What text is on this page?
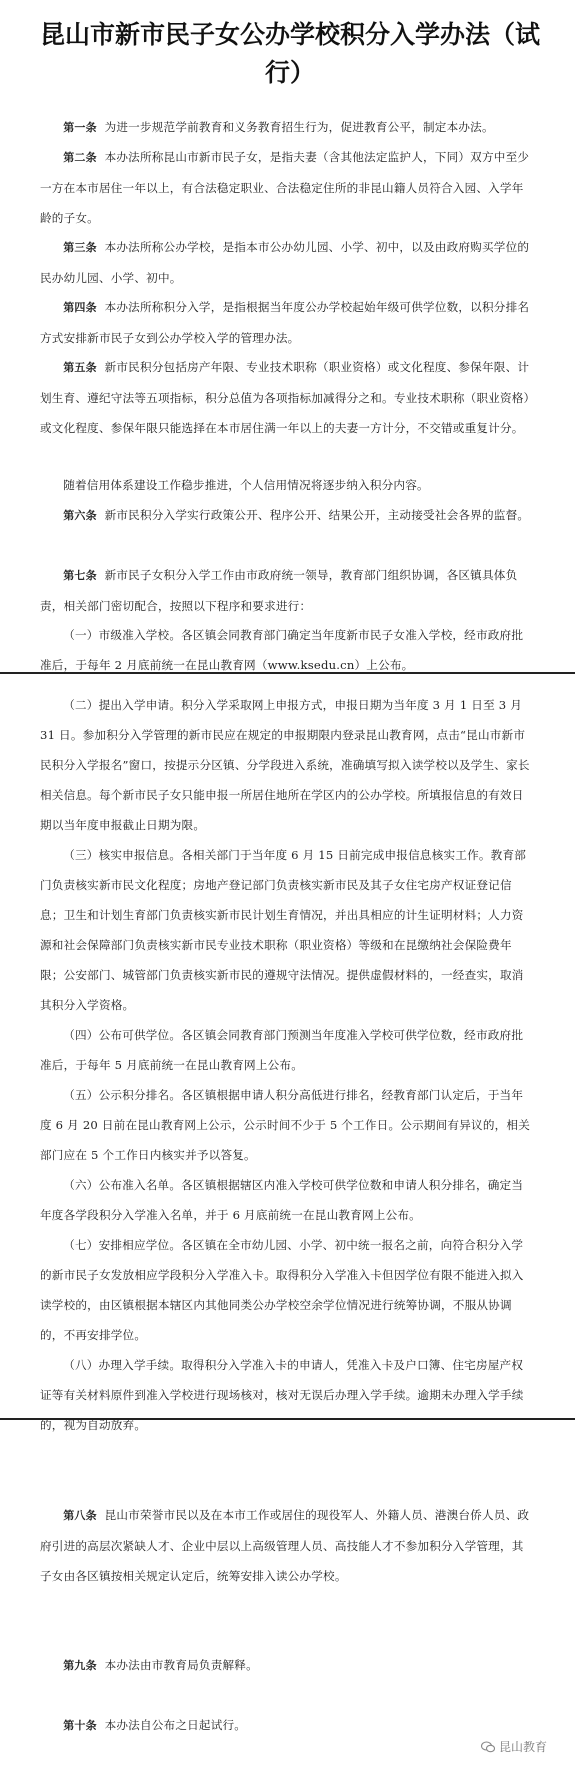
昆山市新市民子女公办学校积分入学办法（试行）

第一条 为进一步规范学前教育和义务教育招生行为，促进教育公平，制定本办法。

第二条 本办法所称昆山市新市民子女，是指夫妻（含其他法定监护人，下同）双方中至少一方在本市居住一年以上，有合法稳定职业、合法稳定住所的非昆山籍人员符合入园、入学年龄的子女。

第三条 本办法所称公办学校，是指本市公办幼儿园、小学、初中，以及由政府购买学位的民办幼儿园、小学、初中。

第四条 本办法所称积分入学，是指根据当年度公办学校起始年级可供学位数，以积分排名方式安排新市民子女到公办学校入学的管理办法。

第五条 新市民积分包括房产年限、专业技术职称（职业资格）或文化程度、参保年限、计划生育、遵纪守法等五项指标，积分总值为各项指标加减得分之和。专业技术职称（职业资格）或文化程度、参保年限只能选择在本市居住满一年以上的夫妻一方计分，不交错或重复计分。

随着信用体系建设工作稳步推进，个人信用情况将逐步纳入积分内容。

第六条 新市民积分入学实行政策公开、程序公开、结果公开，主动接受社会各界的监督。

第七条 新市民子女积分入学工作由市政府统一领导，教育部门组织协调，各区镇具体负责，相关部门密切配合，按照以下程序和要求进行：

（一）市级准入学校。各区镇会同教育部门确定当年度新市民子女准入学校，经市政府批准后，于每年 2 月底前统一在昆山教育网（www.ksedu.cn）上公布。

（二）提出入学申请。积分入学采取网上申报方式，申报日期为当年度 3 月 1 日至 3 月 31 日。参加积分入学管理的新市民应在规定的申报期限内登录昆山教育网，点击“昆山市新市民积分入学报名”窗口，按提示分区镇、分学段进入系统，准确填写拟入读学校以及学生、家长相关信息。每个新市民子女只能申报一所居住地所在学区内的公办学校。所填报信息的有效日期以当年度申报截止日期为限。

（三）核实申报信息。各相关部门于当年度 6 月 15 日前完成申报信息核实工作。教育部门负责核实新市民文化程度；房地产登记部门负责核实新市民及其子女住宅房产权证登记信息；卫生和计划生育部门负责核实新市民计划生育情况，并出具相应的计生证明材料；人力资源和社会保障部门负责核实新市民专业技术职称（职业资格）等级和在昆缴纳社会保险费年限；公安部门、城管部门负责核实新市民的遵规守法情况。提供虚假材料的，一经查实，取消其积分入学资格。

（四）公布可供学位。各区镇会同教育部门预测当年度准入学校可供学位数，经市政府批准后，于每年 5 月底前统一在昆山教育网上公布。

（五）公示积分排名。各区镇根据申请人积分高低进行排名，经教育部门认定后，于当年度 6 月 20 日前在昆山教育网上公示，公示时间不少于 5 个工作日。公示期间有异议的，相关部门应在 5 个工作日内核实并予以答复。

（六）公布准入名单。各区镇根据辖区内准入学校可供学位数和申请人积分排名，确定当年度各学段积分入学准入名单，并于 6 月底前统一在昆山教育网上公布。

（七）安排相应学位。各区镇在全市幼儿园、小学、初中统一报名之前，向符合积分入学的新市民子女发放相应学段积分入学准入卡。取得积分入学准入卡但因学位有限不能进入拟入读学校的，由区镇根据本辖区内其他同类公办学校空余学位情况进行统筹协调，不服从协调的，不再安排学位。

（八）办理入学手续。取得积分入学准入卡的申请人，凭准入卡及户口簿、住宅房屋产权证等有关材料原件到准入学校进行现场核对，核对无误后办理入学手续。逾期未办理入学手续的，视为自动放弃。

第八条 昆山市荣誉市民以及在本市工作或居住的现役军人、外籍人员、港澳台侨人员、政府引进的高层次紧缺人才、企业中层以上高级管理人员、高技能人才不参加积分入学管理，其子女由各区镇按相关规定认定后，统筹安排入读公办学校。

第九条 本办法由市教育局负责解释。

第十条 本办法自公布之日起试行。

昆山教育
